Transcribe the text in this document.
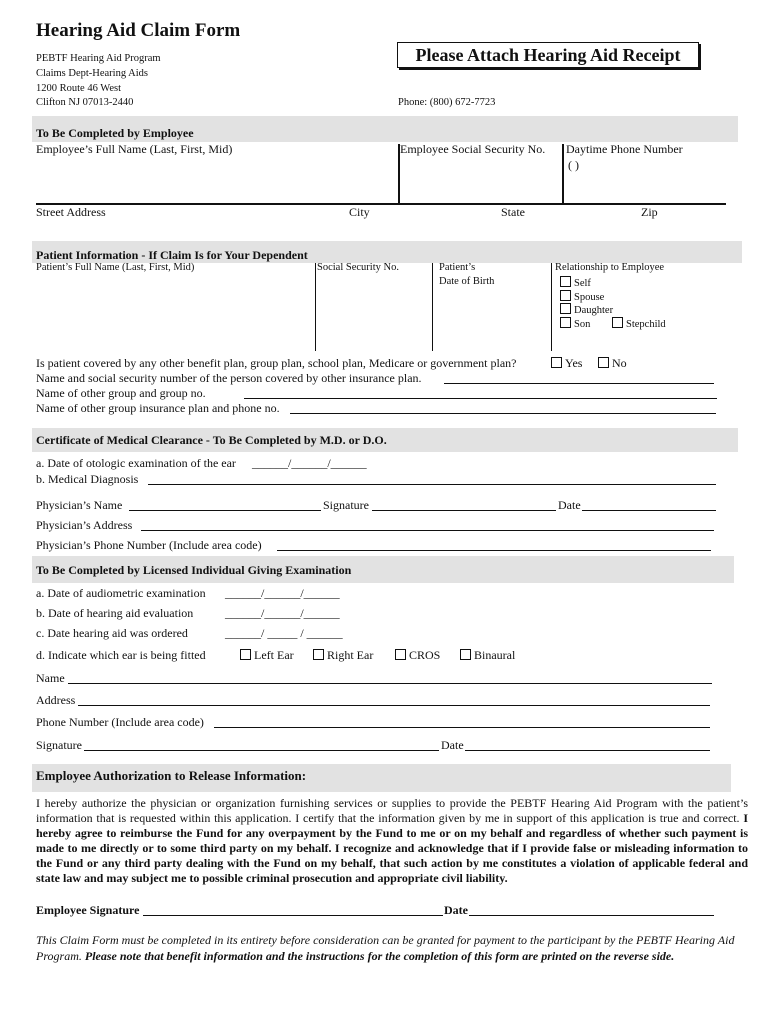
Hearing Aid Claim Form
PEBTF Hearing Aid Program
Claims Dept-Hearing Aids
1200 Route 46 West
Clifton NJ 07013-2440
Please Attach Hearing Aid Receipt
Phone: (800) 672-7723
To Be Completed by Employee
Employee’s Full Name (Last, First, Mid)	Employee Social Security No. Daytime Phone Number
( )
Street Address	City	State	Zip
Patient Information - If Claim Is for Your Dependent
Patient’s Full Name (Last, First, Mid)	Social Security No.	Patient’s
Date of Birth
Relationship to Employee
Self
Spouse
Daughter
Son	Stepchild
Is patient covered by any other benefit plan, group plan, school plan, Medicare or government plan?	Yes	No
Name and social security number of the person covered by other insurance plan.
Name of other group and group no.
Name of other group insurance plan and phone no.
Certificate of Medical Clearance - To Be Completed by M.D. or D.O.
a. Date of otologic examination of the ear ______/______/______
b. Medical Diagnosis
Physician’s Name	Signature	Date
Physician’s Address
Physician’s Phone Number (Include area code)
To Be Completed by Licensed Individual Giving Examination
a. Date of audiometric examination ______/______/______
b. Date of hearing aid evaluation	______/______/______
c. Date hearing aid was ordered	______/ _____ / ______
d. Indicate which ear is being fitted	Left Ear	Right Ear	CROS	Binaural
Name
Address
Phone Number (Include area code)
Signature	Date
Employee Authorization to Release Information:
I hereby authorize the physician or organization furnishing services or supplies to provide the PEBTF Hearing Aid Program with the patient’s information that is requested within this application. I certify that the information given by me in support of this application is true and correct. I hereby agree to reimburse the Fund for any overpayment by the Fund to me or on my behalf and regardless of whether such payment is made to me directly or to some third party on my behalf. I recognize and acknowledge that if I provide false or misleading information to the Fund or any third party dealing with the Fund on my behalf, that such action by me constitutes a violation of applicable federal and state law and may subject me to possible criminal prosecution and appropriate civil liability.
Employee Signature	Date
This Claim Form must be completed in its entirety before consideration can be granted for payment to the participant by the PEBTF Hearing Aid Program. Please note that benefit information and the instructions for the completion of this form are printed on the reverse side.
